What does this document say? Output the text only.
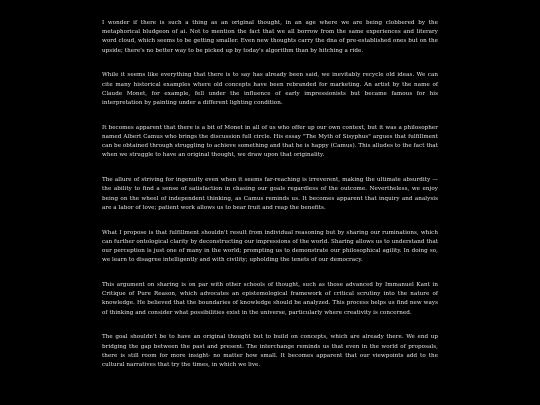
I wonder if there is such a thing as an original thought, in an age where we are being clobbered by the metaphorical bludgeon of ai. Not to mention the fact that we all borrow from the same experiences and literary word cloud, which seems to be getting smaller. Even new thoughts carry the dna of pre-established ones but on the upside; there's no better way to be picked up by today's algorithm than by hitching a ride.

While it seems like everything that there is to say has already been said, we inevitably recycle old ideas. We can cite many historical examples where old concepts have been rebranded for marketing. An artist by the name of Claude Monet, for example, fell under the influence of early impressionists but became famous for his interpretation by painting under a different lighting condition.

It becomes apparent that there is a bit of Monet in all of us who offer up our own context, but it was a philosopher named Albert Camus who brings the discussion full circle. His essay "The Myth of Sisyphus" argues that fulfillment can be obtained through struggling to achieve something and that he is happy (Camus). This alludes to the fact that when we struggle to have an original thought, we draw upon that originality.

The allure of striving for ingenuity even when it seems far-reaching is irreverent, making the ultimate absurdity —the ability to find a sense of satisfaction in chasing our goals regardless of the outcome. Nevertheless, we enjoy being on the wheel of independent thinking, as Camus reminds us. It becomes apparent that inquiry and analysis are a labor of love; patient work allows us to bear fruit and reap the benefits.

What I propose is that fulfillment shouldn't result from individual reasoning but by sharing our ruminations, which can further ontological clarity by deconstructing our impressions of the world. Sharing allows us to understand that our perception is just one of many in the world; prompting us to demonstrate our philosophical agility. In doing so, we learn to disagree intelligently and with civility; upholding the tenets of our democracy.

This argument on sharing is on par with other schools of thought, such as those advanced by Immanuel Kant in Critique of Pure Reason, which advocates an epistemological framework of critical scrutiny into the nature of knowledge. He believed that the boundaries of knowledge should be analyzed. This process helps us find new ways of thinking and consider what possibilities exist in the universe, particularly where creativity is concerned.

The goal shouldn't be to have an original thought but to build on concepts, which are already there. We end up bridging the gap between the past and present. The interchange reminds us that even in the world of proposals, there is still room for more insight- no matter how small. It becomes apparent that our viewpoints add to the cultural narratives that try the times, in which we live.
